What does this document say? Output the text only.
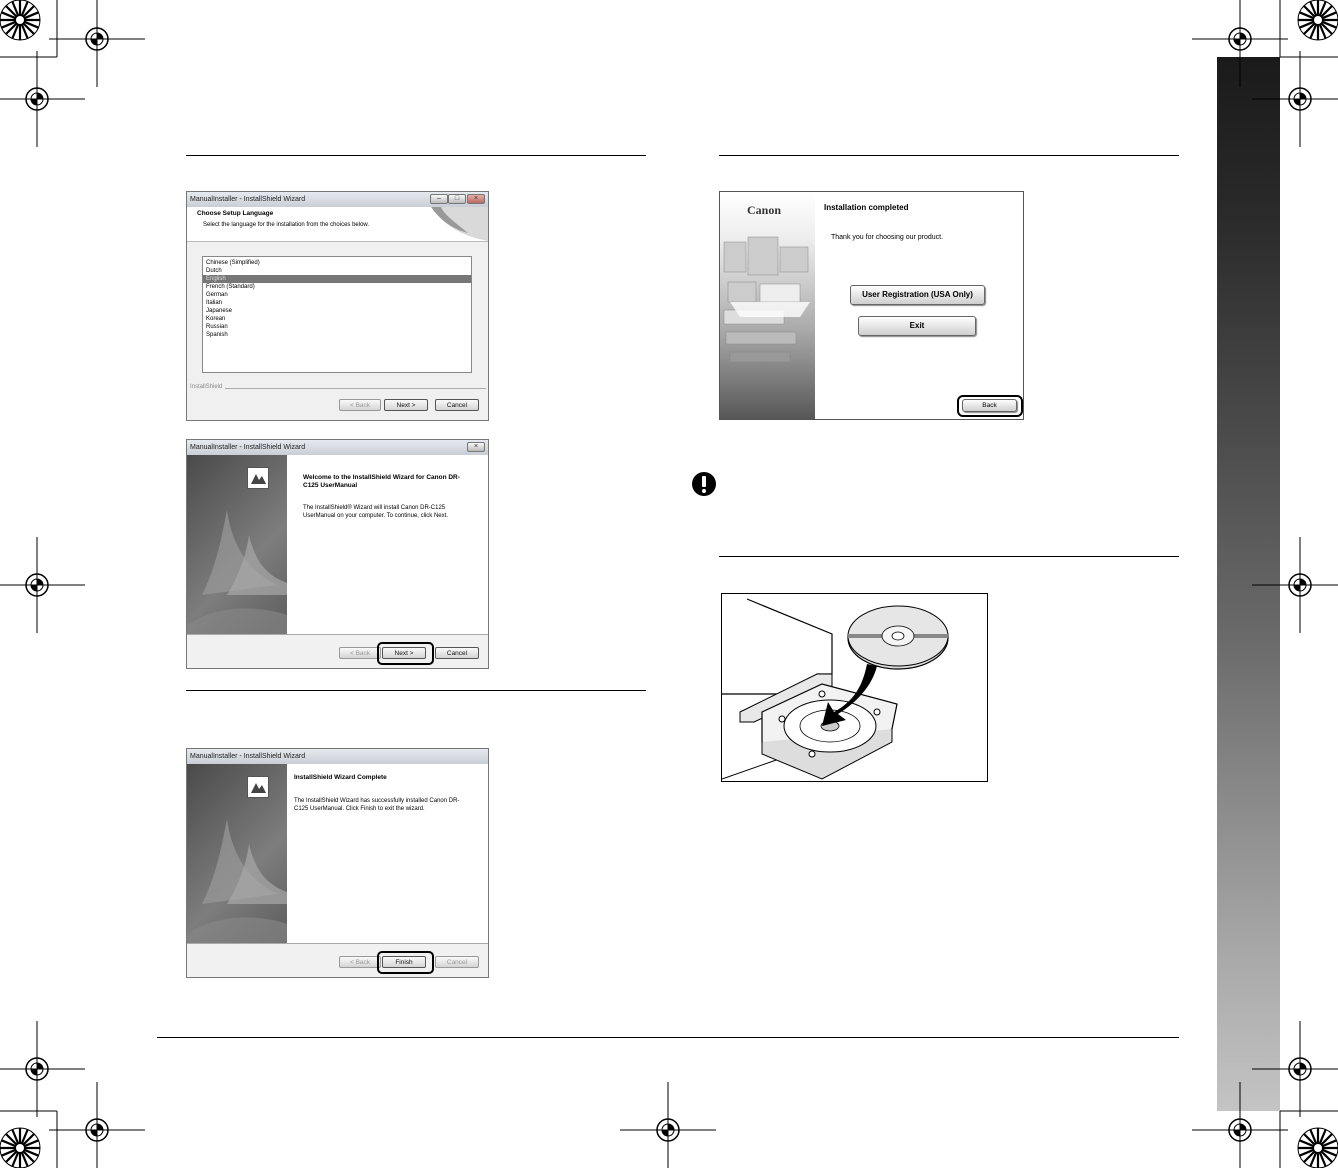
ManualInstaller - InstallShield Wizard	–	□	×
Choose Setup Language
Select the language for the installation from the choices below.
Chinese (Simplified)
Dutch
English
French (Standard)
German
Italian
Japanese
Korean
Russian
Spanish
InstallShield
< Back	Next >	Cancel
ManualInstaller - InstallShield Wizard	×
Welcome to the InstallShield Wizard for Canon DR-C125 UserManual
The InstallShield® Wizard will install Canon DR-C125 UserManual on your computer. To continue, click Next.
< Back	Next >	Cancel
ManualInstaller - InstallShield Wizard
InstallShield Wizard Complete
The InstallShield Wizard has successfully installed Canon DR-C125 UserManual. Click Finish to exit the wizard.
< Back	Finish	Cancel
Canon	Installation completed
Thank you for choosing our product.
User Registration (USA Only)
Exit
Back
